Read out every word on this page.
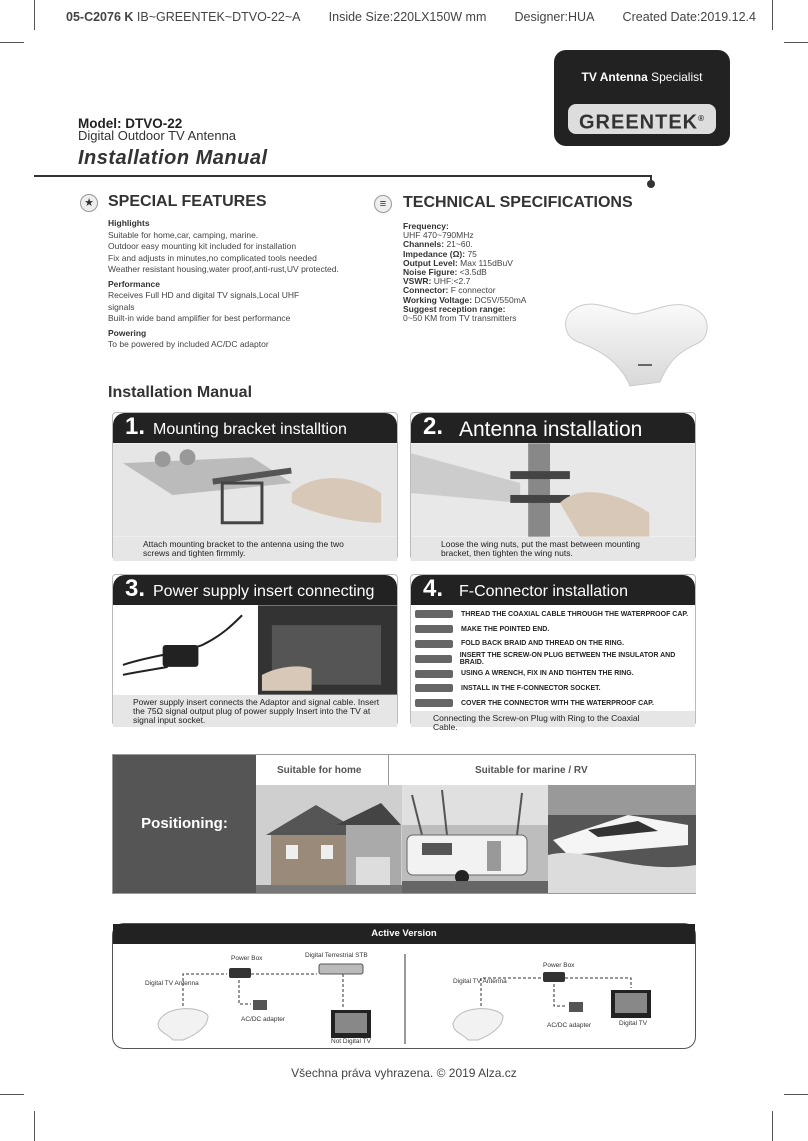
05-C2076 K IB~GREENTEK~DTVO-22~A Inside Size:220LX150W mm Designer:HUA Created Date:2019.12.4
TV Antenna Specialist
GREENTEK®
Model: DTVO-22
Digital Outdoor TV Antenna
Installation Manual
★ SPECIAL FEATURES
Highlights
Suitable for home,car, camping, marine.
Outdoor easy mounting kit included for installation
Fix and adjusts in minutes,no complicated tools needed
Weather resistant housing,water proof,anti-rust,UV protected.
Performance
Receives Full HD and digital TV signals,Local UHF signals
Built-in wide band amplifier for best performance
Powering
To be powered by included AC/DC adaptor
≡	TECHNICAL SPECIFICATIONS
Frequency:
UHF 470~790MHz
Channels: 21~60.
Impedance (Ω): 75
Output Level: Max 115dBuV
Noise Figure: <3.5dB
VSWR: UHF:<2.7
Connector: F connector
Working Voltage: DC5V/550mA
Suggest reception range:
0~50 KM from TV transmitters
Installation Manual
1. Mounting bracket installtion
Attach mounting bracket to the antenna using the two screws and tighten firmmly.
2. Antenna installation
Loose the wing nuts, put the mast between mounting bracket, then tighten the wing nuts.
3. Power supply insert connecting
Power supply insert connects the Adaptor and signal cable. Insert the 75Ω signal output plug of power supply Insert into the TV at signal input socket.
4. F-Connector installation
THREAD THE COAXIAL CABLE THROUGH THE WATERPROOF CAP.
MAKE THE POINTED END.
FOLD BACK BRAID AND THREAD ON THE RING.
INSERT THE SCREW-ON PLUG BETWEEN THE INSULATOR AND BRAID.
USING A WRENCH, FIX IN AND TIGHTEN THE RING.
INSTALL IN THE F-CONNECTOR SOCKET.
COVER THE CONNECTOR WITH THE WATERPROOF CAP.
Connecting the Screw-on Plug with Ring to the Coaxial Cable.
Positioning:
Suitable for home	Suitable for marine / RV
Active Version
Power Box	Digital Terrestrial STB
Digital TV Antenna
AC/DC adapter
Not Digital TV
Power Box
Digital TV Antenna
AC/DC adapter	Digital TV
Všechna práva vyhrazena. © 2019 Alza.cz
